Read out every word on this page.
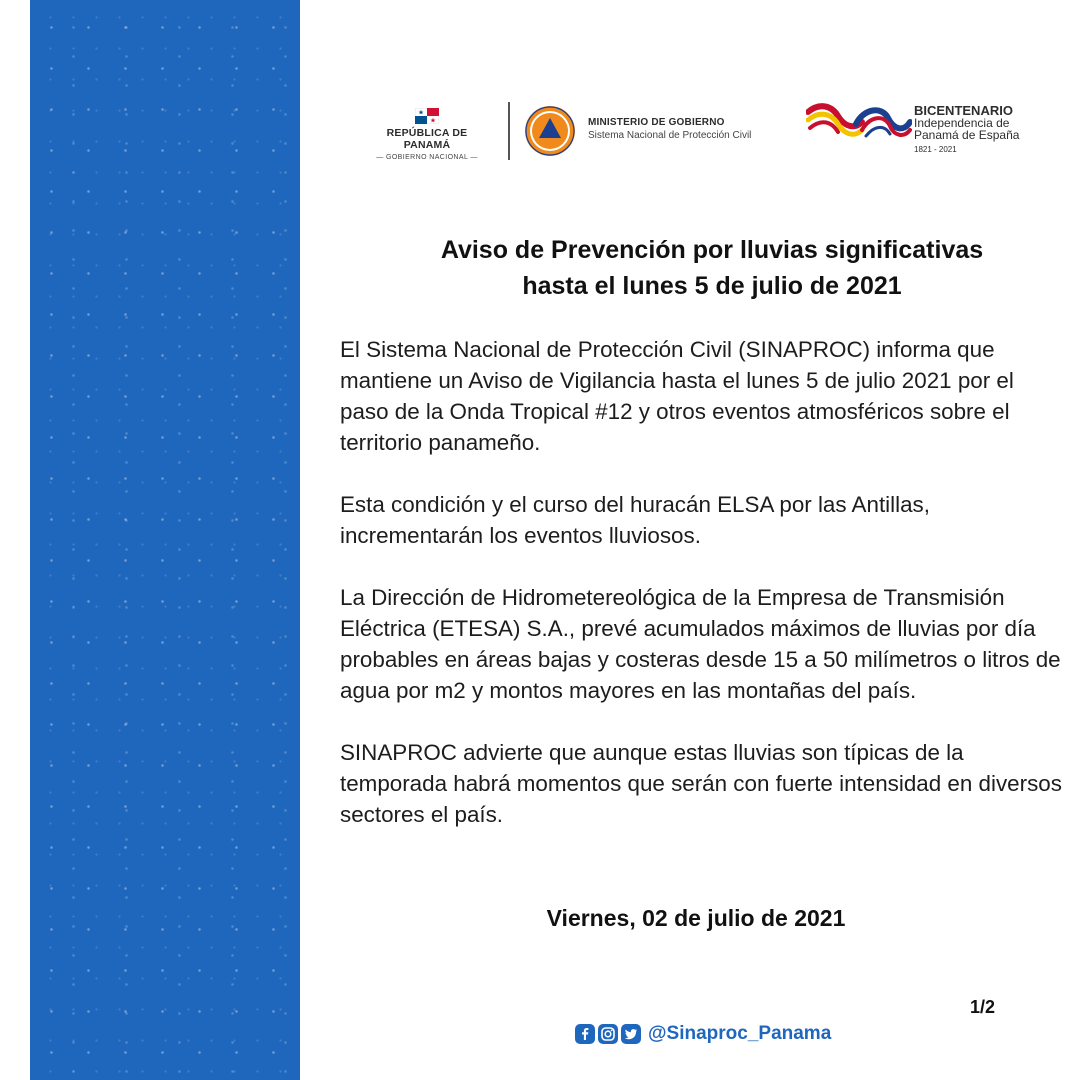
REPÚBLICA DE PANAMÁ
— GOBIERNO NACIONAL —
MINISTERIO DE GOBIERNO
Sistema Nacional de Protección Civil
BICENTENARIO
Independencia de
Panamá de España
1821 - 2021
Aviso de Prevención por lluvias significativas
hasta el lunes 5 de julio de 2021

El Sistema Nacional de Protección Civil (SINAPROC) informa que mantiene un Aviso de Vigilancia hasta el lunes 5 de julio 2021 por el paso de la Onda Tropical #12 y otros eventos atmosféricos sobre el territorio panameño.

Esta condición y el curso del huracán ELSA por las Antillas, incrementarán los eventos lluviosos.

La Dirección de Hidrometereológica de la Empresa de Transmisión Eléctrica (ETESA) S.A., prevé acumulados máximos de lluvias por día probables en áreas bajas y costeras desde 15 a 50 milímetros o litros de agua por m2 y montos mayores en las montañas del país.

SINAPROC advierte que aunque estas lluvias son típicas de la temporada habrá momentos que serán con fuerte intensidad en diversos sectores el país.

Viernes, 02 de julio de 2021
1/2
@Sinaproc_Panama
